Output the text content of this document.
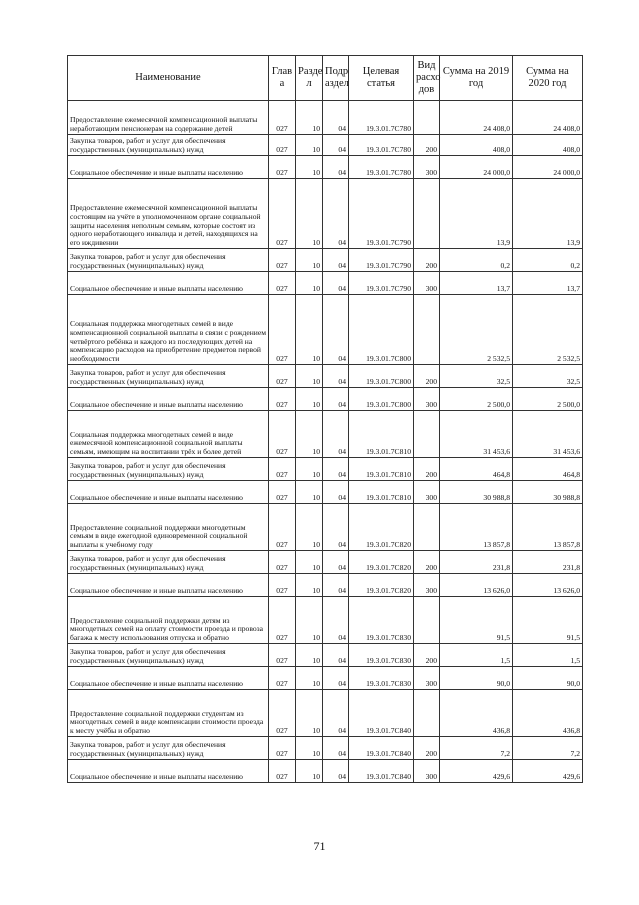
Наименование	Глав а	Разде л	Подр аздел	Целевая статья	Вид расхо дов	Сумма на 2019 год	Сумма на 2020 год
Предоставление ежемесячной компенсационной выплаты неработающим пенсионерам на содержание детей	027	10	04	19.3.01.7С780		24 408,0	24 408,0
Закупка товаров, работ и услуг для обеспечения государственных (муниципальных) нужд	027	10	04	19.3.01.7С780	200	408,0	408,0
Социальное обеспечение и иные выплаты населению	027	10	04	19.3.01.7С780	300	24 000,0	24 000,0
Предоставление ежемесячной компенсационной выплаты состоящим на учёте в уполномоченном органе социальной защиты населения неполным семьям, которые состоят из одного неработающего инвалида и детей, находящихся на его иждивении	027	10	04	19.3.01.7С790		13,9	13,9
Закупка товаров, работ и услуг для обеспечения государственных (муниципальных) нужд	027	10	04	19.3.01.7С790	200	0,2	0,2
Социальное обеспечение и иные выплаты населению	027	10	04	19.3.01.7С790	300	13,7	13,7
Социальная поддержка многодетных семей в виде компенсационной социальной выплаты в связи с рождением четвёртого ребёнка и каждого из последующих детей на компенсацию расходов на приобретение предметов первой необходимости	027	10	04	19.3.01.7С800		2 532,5	2 532,5
Закупка товаров, работ и услуг для обеспечения государственных (муниципальных) нужд	027	10	04	19.3.01.7С800	200	32,5	32,5
Социальное обеспечение и иные выплаты населению	027	10	04	19.3.01.7С800	300	2 500,0	2 500,0
Социальная поддержка многодетных семей в виде ежемесячной компенсационной социальной выплаты семьям, имеющим на воспитании трёх и более детей	027	10	04	19.3.01.7С810		31 453,6	31 453,6
Закупка товаров, работ и услуг для обеспечения государственных (муниципальных) нужд	027	10	04	19.3.01.7С810	200	464,8	464,8
Социальное обеспечение и иные выплаты населению	027	10	04	19.3.01.7С810	300	30 988,8	30 988,8
Предоставление социальной поддержки многодетным семьям в виде ежегодной единовременной социальной выплаты к учебному году	027	10	04	19.3.01.7С820		13 857,8	13 857,8
Закупка товаров, работ и услуг для обеспечения государственных (муниципальных) нужд	027	10	04	19.3.01.7С820	200	231,8	231,8
Социальное обеспечение и иные выплаты населению	027	10	04	19.3.01.7С820	300	13 626,0	13 626,0
Предоставление социальной поддержки детям из многодетных семей на оплату стоимости проезда и провоза багажа к месту использования отпуска и обратно	027	10	04	19.3.01.7С830		91,5	91,5
Закупка товаров, работ и услуг для обеспечения государственных (муниципальных) нужд	027	10	04	19.3.01.7С830	200	1,5	1,5
Социальное обеспечение и иные выплаты населению	027	10	04	19.3.01.7С830	300	90,0	90,0
Предоставление социальной поддержки студентам из многодетных семей в виде компенсации стоимости проезда к месту учёбы и обратно	027	10	04	19.3.01.7С840		436,8	436,8
Закупка товаров, работ и услуг для обеспечения государственных (муниципальных) нужд	027	10	04	19.3.01.7С840	200	7,2	7,2
Социальное обеспечение и иные выплаты населению	027	10	04	19.3.01.7С840	300	429,6	429,6
71
